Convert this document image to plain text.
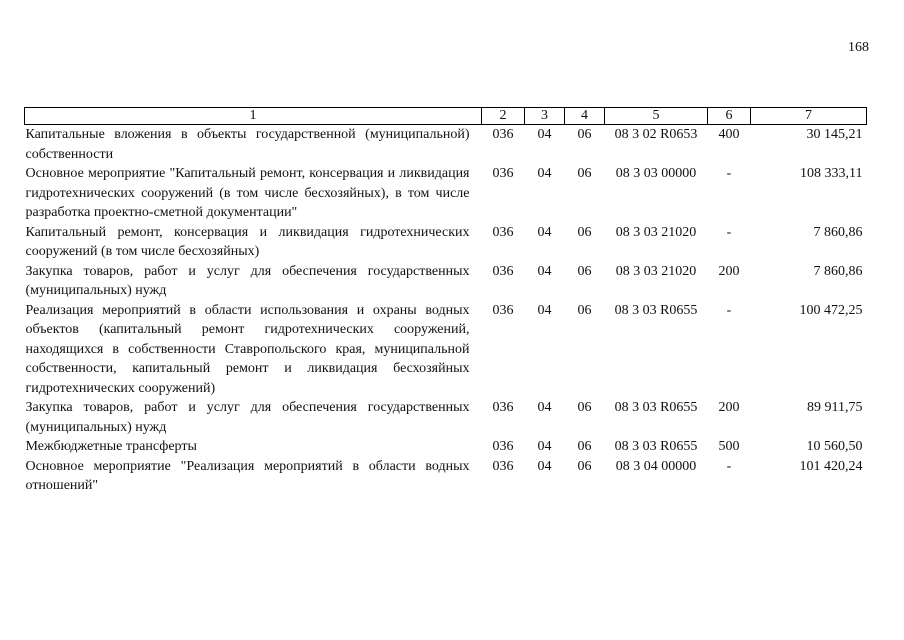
168
1	2	3	4	5	6	7
Капитальные вложения в объекты государственной (муниципальной) собственности	036	04	06	08 3 02 R0653	400	30 145,21
Основное мероприятие "Капитальный ремонт, консервация и ликвидация гидротехнических сооружений (в том числе бесхозяйных), в том числе разработка проектно-сметной документации"	036	04	06	08 3 03 00000	-	108 333,11
Капитальный ремонт, консервация и ликвидация гидротехнических сооружений (в том числе бесхозяйных)	036	04	06	08 3 03 21020	-	7 860,86
Закупка товаров, работ и услуг для обеспечения государственных (муниципальных) нужд	036	04	06	08 3 03 21020	200	7 860,86
Реализация мероприятий в области использования и охраны водных объектов (капитальный ремонт гидротехнических сооружений, находящихся в собственности Ставропольского края, муниципальной собственности, капитальный ремонт и ликвидация бесхозяйных гидротехнических сооружений)	036	04	06	08 3 03 R0655	-	100 472,25
Закупка товаров, работ и услуг для обеспечения государственных (муниципальных) нужд	036	04	06	08 3 03 R0655	200	89 911,75
Межбюджетные трансферты	036	04	06	08 3 03 R0655	500	10 560,50
Основное мероприятие "Реализация мероприятий в области водных отношений"	036	04	06	08 3 04 00000	-	101 420,24
